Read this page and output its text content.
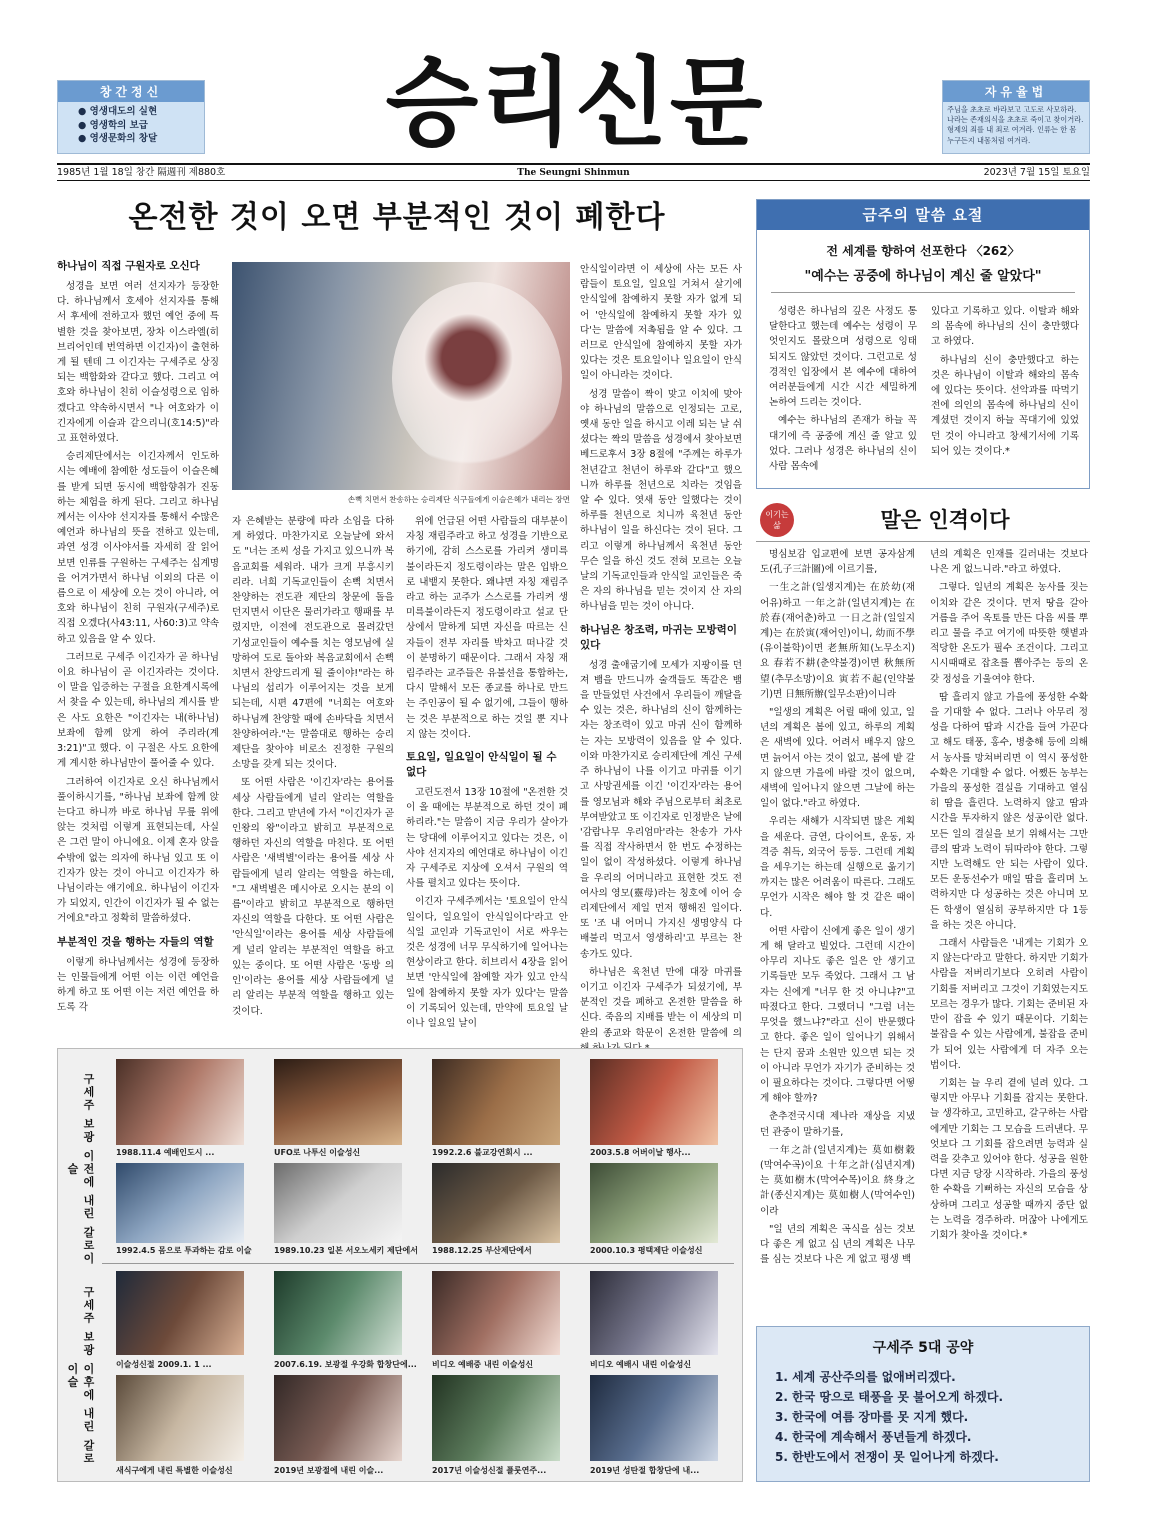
창간정신
● 영생대도의 실현
● 영생학의 보급
● 영생문화의 창달	승리신문	자유율법
주님을 초초로 바라보고 고도로 사모하라. 나라는 존재의식을 초초로 죽이고 찾이거라. 형제의 죄를 내 죄로 여겨라. 인류는 한 몸 누구든지 내몸처럼 여겨라.
1985년 1월 18일 창간 隔週刊 제880호	The Seungni Shinmun	2023년 7월 15일 토요일
온전한 것이 오면 부분적인 것이 폐한다
하나님이 직접 구원자로 오신다

성경을 보면 여러 선지자가 등장한다. 하나님께서 호세아 선지자를 통해서 후세에 전하고자 했던 예언 중에 특별한 것을 찾아보면, 장차 이스라엘(히브리어인데 번역하면 이긴자)이 출현하게 될 텐데 그 이긴자는 구세주로 상징되는 백합화와 같다고 했다. 그리고 여호와 하나님이 친히 이슬성령으로 임하겠다고 약속하시면서 "나 여호와가 이긴자에게 이슬과 같으리니(호14:5)"라고 표현하였다.

승리제단에서는 이긴자께서 인도하시는 예배에 참예한 성도들이 이슬은혜를 받게 되면 동시에 백합향취가 진동하는 체험을 하게 된다. 그리고 하나님께서는 이사야 선지자를 통해서 수많은 예언과 하나님의 뜻을 전하고 있는데, 과연 성경 이사야서를 자세히 잘 읽어보면 인류를 구원하는 구세주는 십계명을 어겨가면서 하나님 이외의 다른 이름으로 이 세상에 오는 것이 아니라, 여호와 하나님이 친히 구원자(구세주)로 직접 오겠다(사43:11, 사60:3)고 약속하고 있음을 알 수 있다.

그러므로 구세주 이긴자가 곧 하나님이요 하나님이 곧 이긴자라는 것이다. 이 말을 입증하는 구절을 요한계시록에서 찾을 수 있는데, 하나님의 계시를 받은 사도 요한은 "이긴자는 내(하나님) 보좌에 함께 앉게 하여 주리라(계3:21)"고 했다. 이 구절은 사도 요한에게 계시한 하나님만이 풀어줄 수 있다.

그러하여 이긴자로 오신 하나님께서 풀이하시기를, "하나님 보좌에 함께 앉는다고 하니까 바로 하나님 무릎 위에 앉는 것처럼 이렇게 표현되는데, 사실은 그런 말이 아니에요. 이제 혼자 앉을 수밖에 없는 의자에 하나님 있고 또 이긴자가 앉는 것이 아니고 이긴자가 하나님이라는 얘기에요. 하나님이 이긴자가 되었지, 인간이 이긴자가 될 수 없는 거에요"라고 정확히 말씀하셨다.

부분적인 것을 행하는 자들의 역할

이렇게 하나님께서는 성경에 등장하는 인물들에게 어떤 이는 이런 예언을 하게 하고 또 어떤 이는 저런 예언을 하도록 각

손뼉 치면서 찬송하는 승리제단 식구들에게 이슬은혜가 내리는 장면

자 은혜받는 분량에 따라 소임을 다하게 하였다. 마찬가지로 오늘날에 와서도 "너는 조씨 성을 가지고 있으니까 복음교회를 세워라. 내가 크게 부흥시키리라. 너희 기독교인들이 손뼉 치면서 찬양하는 전도관 제단의 창문에 돌을 던지면서 이단은 물러가라고 행패를 부렸지만, 이전에 전도관으로 몰려갔던 기성교인들이 예수를 치는 영모님에 실망하여 도로 돌아와 복음교회에서 손뼉치면서 찬양드리게 될 줄이야!"라는 하나님의 섭리가 이루어지는 것을 보게 되는데, 시편 47편에 "너희는 여호와 하나님께 찬양할 때에 손바닥을 치면서 찬양하여라."는 말씀대로 행하는 승리제단을 찾아야 비로소 진정한 구원의 소망을 갖게 되는 것이다.

또 어떤 사람은 '이긴자'라는 용어를 세상 사람들에게 널리 알리는 역할을 한다. 그리고 맏년에 가서 "이긴자가 곧 인왕의 왕"이라고 밝히고 부분적으로 행하던 자신의 역할을 마친다. 또 어떤 사람은 '새벽별'이라는 용어를 세상 사람들에게 널리 알리는 역할을 하는데, "그 새벽별은 메시아로 오시는 분의 이름"이라고 밝히고 부분적으로 행하던 자신의 역할을 다한다. 또 어떤 사람은 '안식일'이라는 용어를 세상 사람들에게 널리 알리는 부분적인 역할을 하고 있는 중이다. 또 어떤 사람은 '동방 의인'이라는 용어를 세상 사람들에게 널리 알리는 부분적 역할을 행하고 있는 것이다.

위에 언급된 어떤 사람들의 대부분이 자칭 재림주라고 하고 성경을 기반으로 하기에, 감히 스스로를 가리켜 생미륵불이라든지 정도령이라는 말은 입밖으로 내뱉지 못한다. 왜냐면 자칭 재림주라고 하는 교주가 스스로를 가리켜 생미륵불이라든지 정도령이라고 설교 단상에서 말하게 되면 자신을 따르는 신자들이 전부 자리를 박차고 떠나갈 것이 분명하기 때문이다. 그래서 자칭 재림주라는 교주들은 유불선을 통합하는, 다시 말해서 모든 종교를 하나로 만드는 주인공이 될 수 없기에, 그들이 행하는 것은 부분적으로 하는 것일 뿐 지나지 않는 것이다.

토요일, 일요일이 안식일이 될 수 없다

고린도전서 13장 10절에 "온전한 것이 올 때에는 부분적으로 하던 것이 폐하리라."는 말씀이 지금 우리가 살아가는 당대에 이루어지고 있다는 것은, 이사야 선지자의 예언대로 하나님이 이긴자 구세주로 지상에 오셔서 구원의 역사를 펼치고 있다는 뜻이다.

이긴자 구세주께서는 '토요일이 안식일이다, 일요일이 안식일이다'라고 안식일 교인과 기독교인이 서로 싸우는 것은 성경에 너무 무식하기에 일어나는 현상이라고 한다. 히브리서 4장을 읽어보면 '안식일에 참예할 자가 있고 안식일에 참예하지 못할 자가 있다'는 말씀이 기록되어 있는데, 만약에 토요일 날이나 일요일 날이

안식일이라면 이 세상에 사는 모든 사람들이 토요일, 일요일 거쳐서 살기에 안식일에 참예하지 못할 자가 없게 되어 '안식일에 참예하지 못할 자가 있다'는 말씀에 저촉됨을 알 수 있다. 그러므로 안식일에 참예하지 못할 자가 있다는 것은 토요일이나 일요일이 안식일이 아니라는 것이다.

성경 말씀이 짝이 맞고 이치에 맞아야 하나님의 말씀으로 인정되는 고로, 옛새 동안 일을 하시고 이레 되는 날 쉬셨다는 짝의 말씀을 성경에서 찾아보면 베드로후서 3장 8절에 "주께는 하루가 천년같고 천년이 하루와 같다"고 했으니까 하루를 천년으로 치라는 것임을 알 수 있다. 엿새 동안 일했다는 것이 하루를 천년으로 치니까 육천년 동안 하나님이 일을 하신다는 것이 된다. 그리고 이렇게 하나님께서 육천년 동안 무슨 일을 하신 것도 전혀 모르는 오늘날의 기독교인들과 안식일 교인들은 죽은 자의 하나님을 믿는 것이지 산 자의 하나님을 믿는 것이 아니다.

하나님은 창조력, 마귀는 모방력이 있다

성경 출애굽기에 모세가 지팡이를 던져 뱀을 만드니까 술객들도 똑같은 뱀을 만들었던 사건에서 우리들이 깨달을 수 있는 것은, 하나님의 신이 함께하는 자는 창조력이 있고 마귀 신이 함께하는 자는 모방력이 있음을 알 수 있다. 이와 마찬가지로 승리제단에 계신 구세주 하나님이 나를 이기고 마귀를 이기고 사망권세를 이긴 '이긴자'라는 용어를 영모님과 해와 주님으로부터 최초로 부여받았고 또 이긴자로 인정받은 날에 '감람나무 우리엄마'라는 찬송가 가사를 직접 작사하면서 한 번도 수정하는 일이 없이 작성하셨다. 이렇게 하나님을 우리의 어머니라고 표현한 것도 전여사의 영모(靈母)라는 칭호에 이어 승리제단에서 제일 먼저 행해진 일이다. 또 '조 내 어머니 가지신 생명양식 다 배불리 먹고서 영생하리'고 부르는 찬송가도 있다.

하나님은 육천년 만에 대장 마귀를 이기고 이긴자 구세주가 되셨기에, 부분적인 것을 폐하고 온전한 말씀을 하신다. 죽음의 지배를 받는 이 세상의 미완의 종교와 학문이 온전한 말씀에 의

금주의 말씀 요절
전 세계를 향하여 선포한다 〈262〉
"예수는 공중에 하나님이 계신 줄 알았다"

성령은 하나님의 깊은 사정도 통달한다고 했는데 예수는 성령이 무엇인지도 몰랐으며 성령으로 잉태되지도 않았던 것이다. 그런고로 성경적인 입장에서 본 예수에 대하여 여러분들에게 시간 시간 세밀하게 논하여 드리는 것이다.

예수는 하나님의 존재가 하늘 꼭대기에 즉 공중에 계신 줄 알고 있었다. 그러나 성경은 하나님의 신이 사람 몸속에

있다고 기록하고 있다. 이탈과 해와의 몸속에 하나님의 신이 충만했다고 하였다.

하나님의 신이 충만했다고 하는 것은 하나님이 이탈과 해와의 몸속에 있다는 뜻이다. 선악과를 따먹기 전에 의인의 몸속에 하나님의 신이 계셨던 것이지 하늘 꼭대기에 있었던 것이 아니라고 창세기서에 기록되어 있는 것이다.*

이기는
삶	말은 인격이다

명심보감 입교편에 보면 공자삼계도(孔子三計圖)에 이르기를,

一生之計(일생지계)는 在於幼(재어유)하고 一年之計(일년지계)는 在於春(재어춘)하고 一日之計(일일지계)는 在於寅(재어인)이니, 幼而不學(유이불학)이면 老無所知(노무소지)요 春若不耕(춘약불경)이면 秋無所望(추무소망)이요 寅若不起(인약불기)면 日無所辦(일무소판)이니라

"일생의 계획은 어릴 때에 있고, 일년의 계획은 봄에 있고, 하루의 계획은 새벽에 있다. 어려서 배우지 않으면 늙어서 아는 것이 없고, 봄에 밭 갈지 않으면 가을에 바랄 것이 없으며, 새벽에 일어나지 않으면 그날에 하는 일이 없다."라고 하였다.

우리는 새해가 시작되면 많은 계획을 세운다. 금연, 다이어트, 운동, 자격증 취득, 외국어 등등. 그런데 계획을 세우기는 하는데 실행으로 옮기기까지는 많은 어려움이 따른다. 그래도 무언가 시작은 해야 할 것 같은 때이다.

어떤 사람이 신에게 좋은 일이 생기게 해 달라고 빌었다. 그런데 시간이 아무리 지나도 좋은 일은 안 생기고 기록들만 모두 죽었다. 그래서 그 남자는 신에게 "너무 한 것 아니냐?"고 따졌다고 한다. 그랬더니 "그럼 너는 무엇을 했느냐?"라고 신이 반문했다고 한다. 좋은 일이 일어나기 위해서는 단지 꿈과 소원만 있으면 되는 것이 아니라 무언가 자기가 준비하는 것이 필요하다는 것이다. 그렇다면 어떻게 해야 할까?

춘추전국시대 제나라 재상을 지냈던 관중이 말하기를,

一年之計(일년지계)는 莫如樹穀(막여수곡)이요 十年之計(십년지계)는 莫如樹木(막여수목)이요 終身之計(종신지계)는 莫如樹人(막여수인)이라

"일 년의 계획은 곡식을 심는 것보다 좋은 게 없고 십 년의 계획은 나무를 심는 것보다 나은 게 없고 평생 백

년의 계획은 인재를 길러내는 것보다 나은 게 없느니라."라고 하였다.

그렇다. 일년의 계획은 농사를 짓는 이치와 같은 것이다. 먼저 땅을 갈아 거름을 주어 옥토를 만든 다음 씨를 뿌리고 물을 주고 여기에 따뜻한 햇볕과 적당한 온도가 필수 조건이다. 그리고 시시때때로 잡초를 뽑아주는 등의 온갖 정성을 기울여야 한다.

땀 흘리지 않고 가을에 풍성한 수확을 기대할 수 없다. 그러나 아무리 정성을 다하여 땀과 시간을 들여 가꾼다고 해도 태풍, 홍수, 병충해 등에 의해서 농사를 망쳐버리면 이 역시 풍성한 수확은 기대할 수 없다. 어쨌든 농부는 가을의 풍성한 결실을 기대하고 열심히 땀을 흘린다. 노력하지 않고 땀과 시간을 투자하지 않은 성공이란 없다. 모든 일의 결실을 보기 위해서는 그만큼의 땀과 노력이 뒤따라야 한다. 그렇지만 노력해도 안 되는 사람이 있다. 모든 운동선수가 매일 땀을 흘리며 노력하지만 다 성공하는 것은 아니며 모든 학생이 열심히 공부하지만 다 1등을 하는 것은 아니다.

그래서 사람들은 '내게는 기회가 오지 않는다'라고 말한다. 하지만 기회가 사람을 저버리기보다 오히려 사람이 기회를 저버리고 그것이 기회였는지도 모르는 경우가 많다. 기회는 준비된 자만이 잡을 수 있기 때문이다. 기회는 불잡을 수 있는 사람에게, 불잡을 준비가 되어 있는 사람에게 더 자주 오는 법이다.

기회는 늘 우리 곁에 널려 있다. 그렇지만 아무나 기회를 잡지는 못한다. 늘 생각하고, 고민하고, 갈구하는 사람에게만 기회는 그 모습을 드러낸다. 무엇보다 그 기회를 잡으려면 능력과 실력을 갖추고 있어야 한다. 성공을 원한다면 지금 당장 시작하라. 가을의 풍성한 수확을 기뻐하는 자신의 모습을 상상하며 그리고 성공할 때까지 중단 없는 노력을 경주하라. 머잖아 나에게도 기회가 찾아올 것이다.*

구세주 보광 이전에 내린 갈로이슬
구세주 보광 이후에 내린 갈로이슬
1988.11.4 예배인도시 ...	UFO로 나투신 이슬성신	1992.2.6 불교강연회시 ...	2003.5.8 어버이날 행사...
1992.4.5 몸으로 투과하는 감로 이슬	1989.10.23 일본 서오노세키 제단에서	1988.12.25 부산제단에서	2000.10.3 평택제단 이슬성신
이슬성신절 2009.1. 1 ...	2007.6.19. 보광절 우강화 합창단에...	비디오 예배중 내린 이슬성신	비디오 예배시 내린 이슬성신
새식구에게 내린 특별한 이슬성신	2019년 보광절에 내린 이슬...	2017년 이슬성신절 플룻연주...	2019년 성탄절 합창단에 내...
구세주 5대 공약
1. 세계 공산주의를 없애버리겠다.
2. 한국 땅으로 태풍을 못 불어오게 하겠다.
3. 한국에 여름 장마를 못 지게 했다.
4. 한국에 계속해서 풍년들게 하겠다.
5. 한반도에서 전쟁이 못 일어나게 하겠다.
